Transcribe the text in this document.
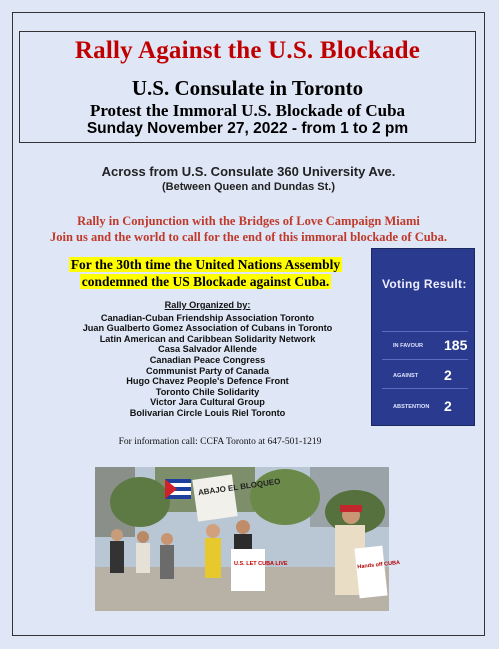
Rally Against the U.S. Blockade
U.S. Consulate in Toronto
Protest the Immoral U.S. Blockade of Cuba
Sunday November 27, 2022 - from 1 to 2 pm
Across from U.S. Consulate 360 University Ave.
(Between Queen and Dundas St.)
Rally in Conjunction with the Bridges of Love Campaign Miami
Join us and the world to call for the end of this immoral blockade of Cuba.
For the 30th time the United Nations Assembly
condemned the US Blockade against Cuba.
Rally Organized by:
Canadian-Cuban Friendship Association Toronto
Juan Gualberto Gomez Association of Cubans in Toronto
Latin American and Caribbean Solidarity Network
Casa Salvador Allende
Canadian Peace Congress
Communist Party of Canada
Hugo Chavez People's Defence Front
Toronto Chile Solidarity
Victor Jara Cultural Group
Bolivarian Circle Louis Riel Toronto
For information call: CCFA Toronto at 647-501-1219
Voting Result:
IN FAVOUR 185
AGAINST 2
ABSTENTION 2
ABAJO EL BLOQUEO
U.S. LET CUBA LIVE	Hands off CUBA
